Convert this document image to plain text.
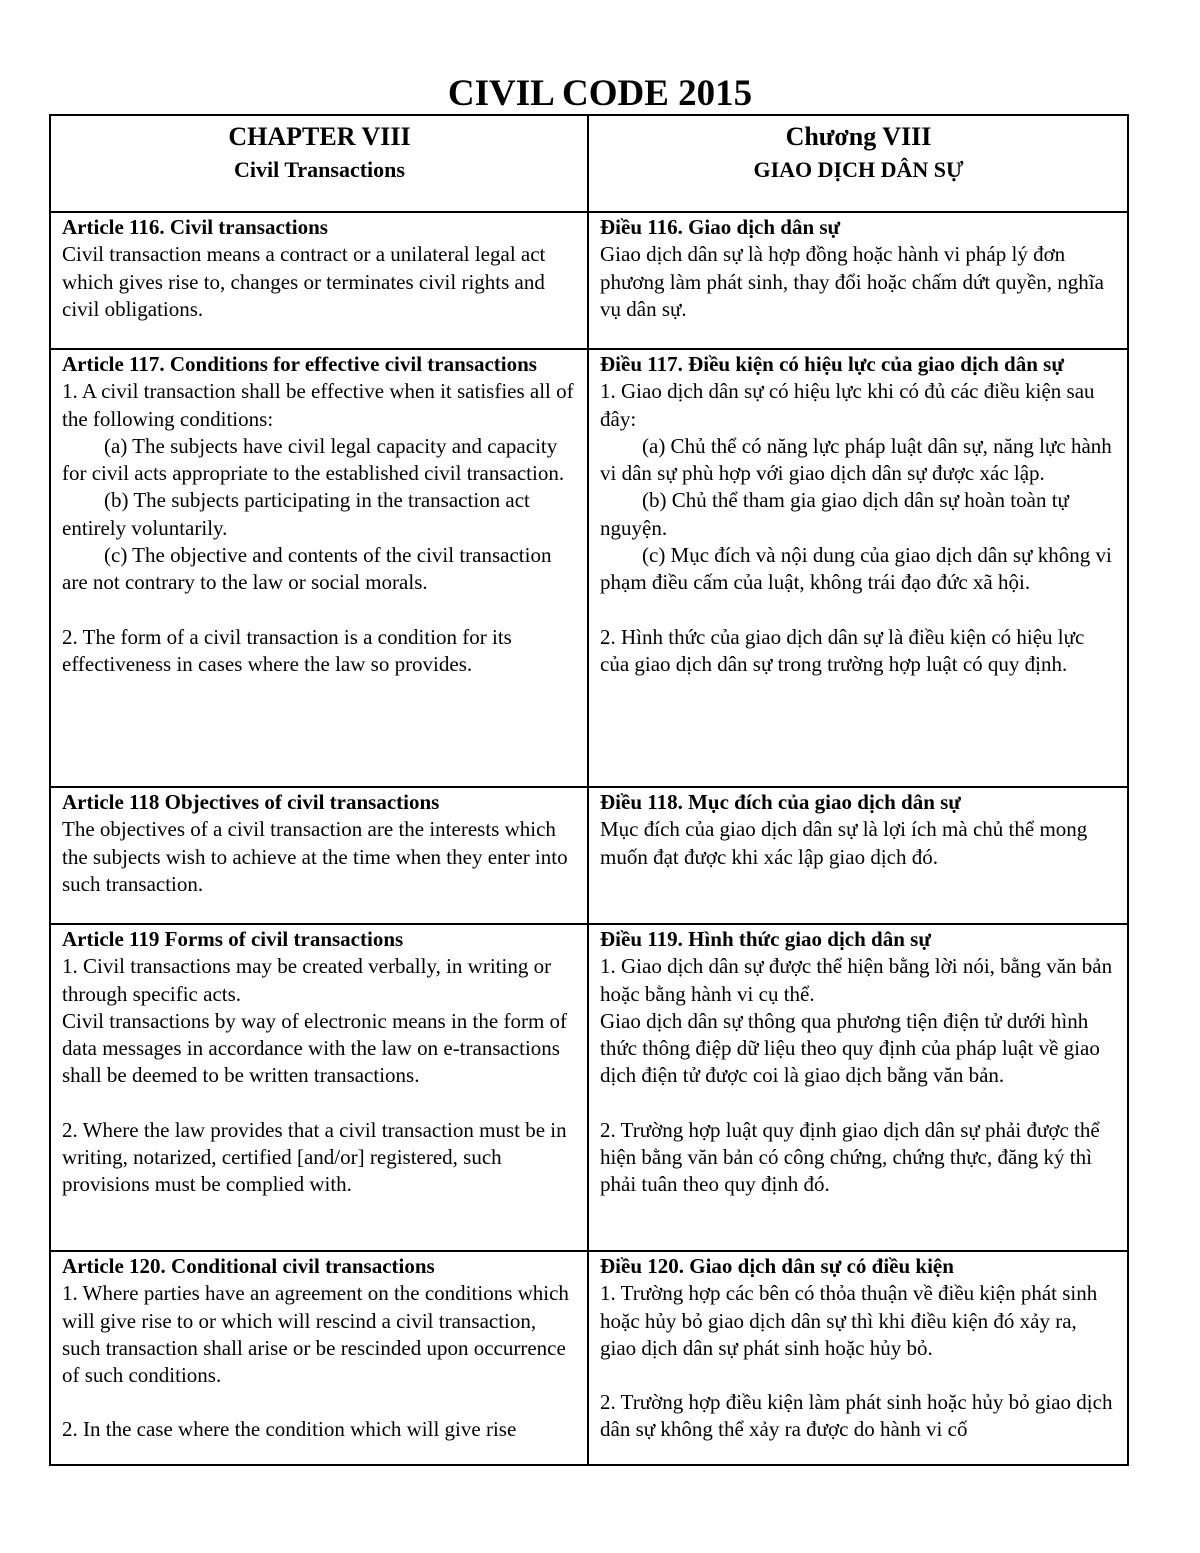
CIVIL CODE 2015
CHAPTER VIII
Civil Transactions
Chương VIII
GIAO DỊCH DÂN SỰ
Article 116. Civil transactions
Civil transaction means a contract or a unilateral legal act which gives rise to, changes or terminates civil rights and civil obligations.
Điều 116. Giao dịch dân sự
Giao dịch dân sự là hợp đồng hoặc hành vi pháp lý đơn phương làm phát sinh, thay đổi hoặc chấm dứt quyền, nghĩa vụ dân sự.
Article 117. Conditions for effective civil transactions
1. A civil transaction shall be effective when it satisfies all of the following conditions:
(a) The subjects have civil legal capacity and capacity for civil acts appropriate to the established civil transaction.
(b) The subjects participating in the transaction act entirely voluntarily.
(c) The objective and contents of the civil transaction are not contrary to the law or social morals.
2. The form of a civil transaction is a condition for its effectiveness in cases where the law so provides.
Điều 117. Điều kiện có hiệu lực của giao dịch dân sự
1. Giao dịch dân sự có hiệu lực khi có đủ các điều kiện sau đây:
(a) Chủ thể có năng lực pháp luật dân sự, năng lực hành vi dân sự phù hợp với giao dịch dân sự được xác lập.
(b) Chủ thể tham gia giao dịch dân sự hoàn toàn tự nguyện.
(c) Mục đích và nội dung của giao dịch dân sự không vi phạm điều cấm của luật, không trái đạo đức xã hội.
2. Hình thức của giao dịch dân sự là điều kiện có hiệu lực của giao dịch dân sự trong trường hợp luật có quy định.
Article 118 Objectives of civil transactions
The objectives of a civil transaction are the interests which the subjects wish to achieve at the time when they enter into such transaction.
Điều 118. Mục đích của giao dịch dân sự
Mục đích của giao dịch dân sự là lợi ích mà chủ thể mong muốn đạt được khi xác lập giao dịch đó.
Article 119 Forms of civil transactions
1. Civil transactions may be created verbally, in writing or through specific acts.
Civil transactions by way of electronic means in the form of data messages in accordance with the law on e-transactions shall be deemed to be written transactions.
2. Where the law provides that a civil transaction must be in writing, notarized, certified [and/or] registered, such provisions must be complied with.
Điều 119. Hình thức giao dịch dân sự
1. Giao dịch dân sự được thể hiện bằng lời nói, bằng văn bản hoặc bằng hành vi cụ thể.
Giao dịch dân sự thông qua phương tiện điện tử dưới hình thức thông điệp dữ liệu theo quy định của pháp luật về giao dịch điện tử được coi là giao dịch bằng văn bản.
2. Trường hợp luật quy định giao dịch dân sự phải được thể hiện bằng văn bản có công chứng, chứng thực, đăng ký thì phải tuân theo quy định đó.
Article 120. Conditional civil transactions
1. Where parties have an agreement on the conditions which will give rise to or which will rescind a civil transaction, such transaction shall arise or be rescinded upon occurrence of such conditions.
2. In the case where the condition which will give rise
Điều 120. Giao dịch dân sự có điều kiện
1. Trường hợp các bên có thỏa thuận về điều kiện phát sinh hoặc hủy bỏ giao dịch dân sự thì khi điều kiện đó xảy ra, giao dịch dân sự phát sinh hoặc hủy bỏ.
2. Trường hợp điều kiện làm phát sinh hoặc hủy bỏ giao dịch dân sự không thể xảy ra được do hành vi cố
